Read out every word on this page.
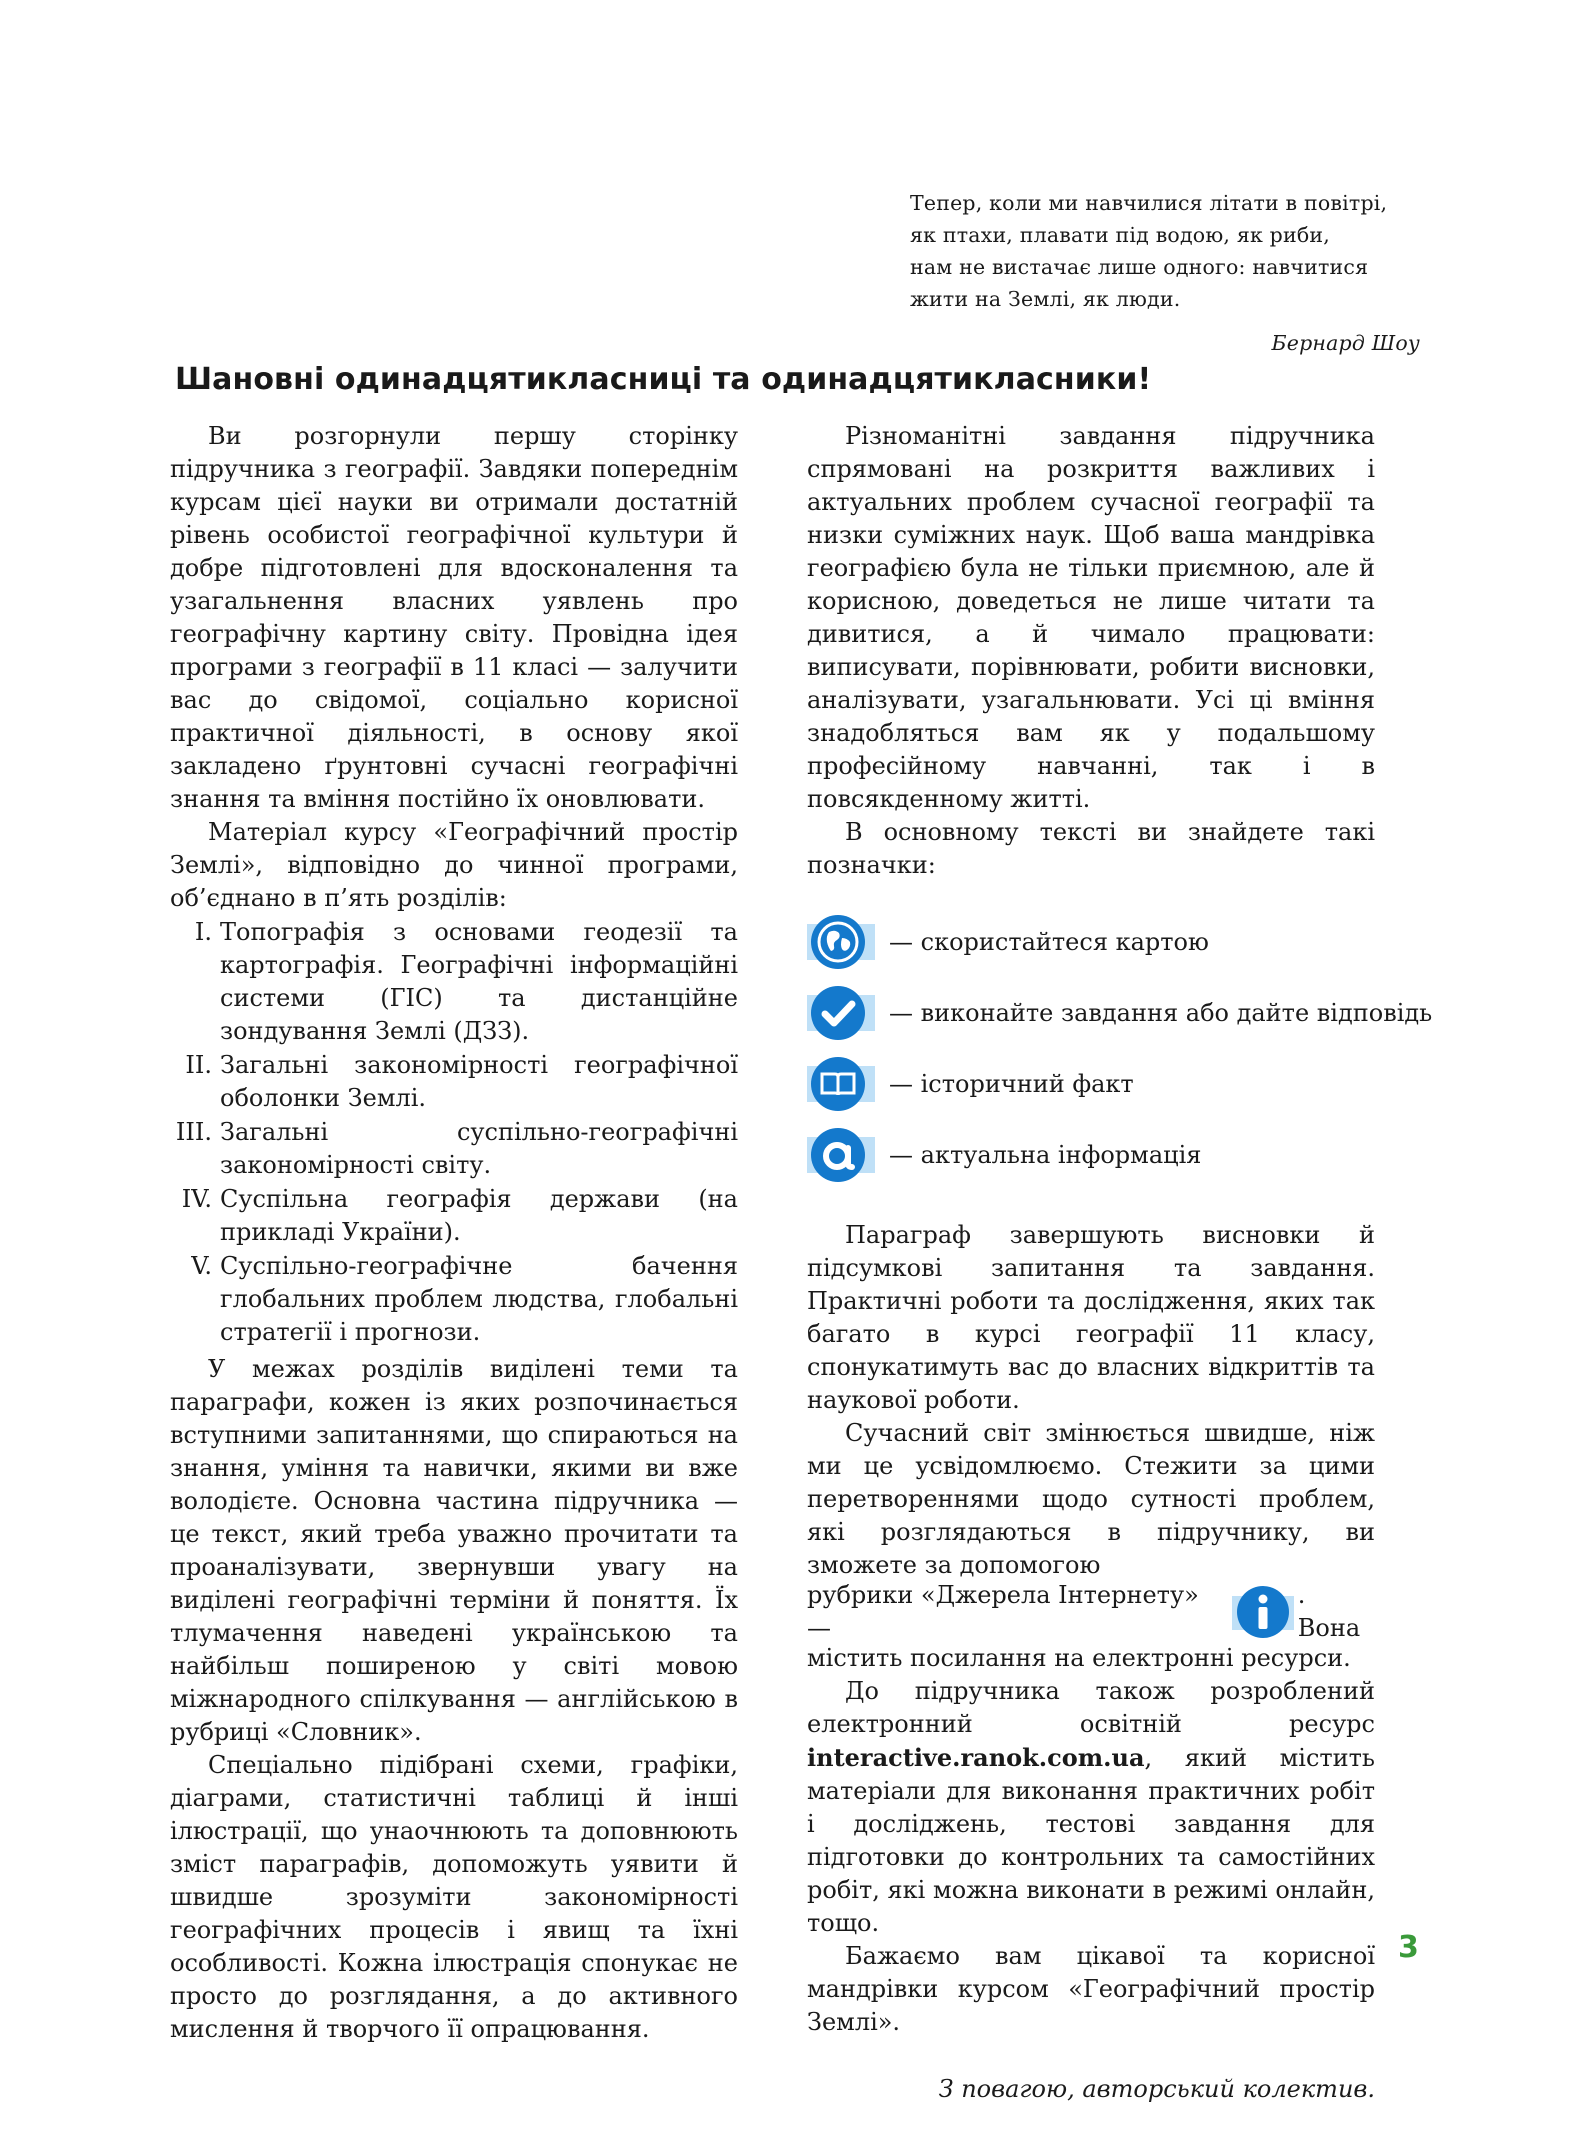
Тепер, коли ми навчилися літати в повітрі,
як птахи, плавати під водою, як риби,
нам не вистачає лише одного: навчитися
жити на Землі, як люди.
Бернард Шоу
Шановні одинадцятикласниці та одинадцятикласники!

Ви розгорнули першу сторінку підручника з географії. Завдяки попереднім курсам цієї науки ви отримали достатній рівень особистої географічної культури й добре підготовлені для вдосконалення та узагальнення власних уявлень про географічну картину світу. Провідна ідея програми з географії в 11 класі — залучити вас до свідомої, соціально корисної практичної діяльності, в основу якої закладено ґрунтовні сучасні географічні знання та вміння постійно їх оновлювати.

Матеріал курсу «Географічний простір Землі», відповідно до чинної програми, об’єднано в п’ять розділів:

I. Топографія з основами геодезії та картографія. Географічні інформаційні системи (ГІС) та дистанційне зондування Землі (ДЗЗ).
II. Загальні закономірності географічної оболонки Землі.
III. Загальні суспільно-географічні закономірності світу.
IV. Суспільна географія держави (на прикладі України).
V. Суспільно-географічне бачення глобальних проблем людства, глобальні стратегії і прогнози.

У межах розділів виділені теми та параграфи, кожен із яких розпочинається вступними запитаннями, що спираються на знання, уміння та навички, якими ви вже володієте. Основна частина підручника — це текст, який треба уважно прочитати та проаналізувати, звернувши увагу на виділені географічні терміни й поняття. Їх тлумачення наведені українською та найбільш поширеною у світі мовою міжнародного спілкування — англійською в рубриці «Словник».

Спеціально підібрані схеми, графіки, діаграми, статистичні таблиці й інші ілюстрації, що унаочнюють та доповнюють зміст параграфів, допоможуть уявити й швидше зрозуміти закономірності географічних процесів і явищ та їхні особливості. Кожна ілюстрація спонукає не просто до розглядання, а до активного мислення й творчого її опрацювання.

Різноманітні завдання підручника спрямовані на розкриття важливих і актуальних проблем сучасної географії та низки суміжних наук. Щоб ваша мандрівка географією була не тільки приємною, але й корисною, доведеться не лише читати та дивитися, а й чимало працювати: виписувати, порівнювати, робити висновки, аналізувати, узагальнювати. Усі ці вміння знадобляться вам як у подальшому професійному навчанні, так і в повсякденному житті.

В основному тексті ви знайдете такі позначки:

— скористайтеся картою
— виконайте завдання або дайте відповідь
— історичний факт
— актуальна інформація

Параграф завершують висновки й підсумкові запитання та завдання. Практичні роботи та дослідження, яких так багато в курсі географії 11 класу, спонукатимуть вас до власних відкриттів та наукової роботи.

Сучасний світ змінюється швидше, ніж ми це усвідомлюємо. Стежити за цими перетвореннями щодо сутності проблем, які розглядаються в підручнику, ви зможете за допомогою

рубрики «Джерела Інтернету» —
. Вона

містить посилання на електронні ресурси.

До підручника також розроблений електронний освітній ресурс interactive.ranok.com.ua, який містить матеріали для виконання практичних робіт і досліджень, тестові завдання для підготовки до контрольних та самостійних робіт, які можна виконати в режимі онлайн, тощо.

Бажаємо вам цікавої та корисної мандрівки курсом «Географічний простір Землі».

З повагою, авторський колектив.

3
